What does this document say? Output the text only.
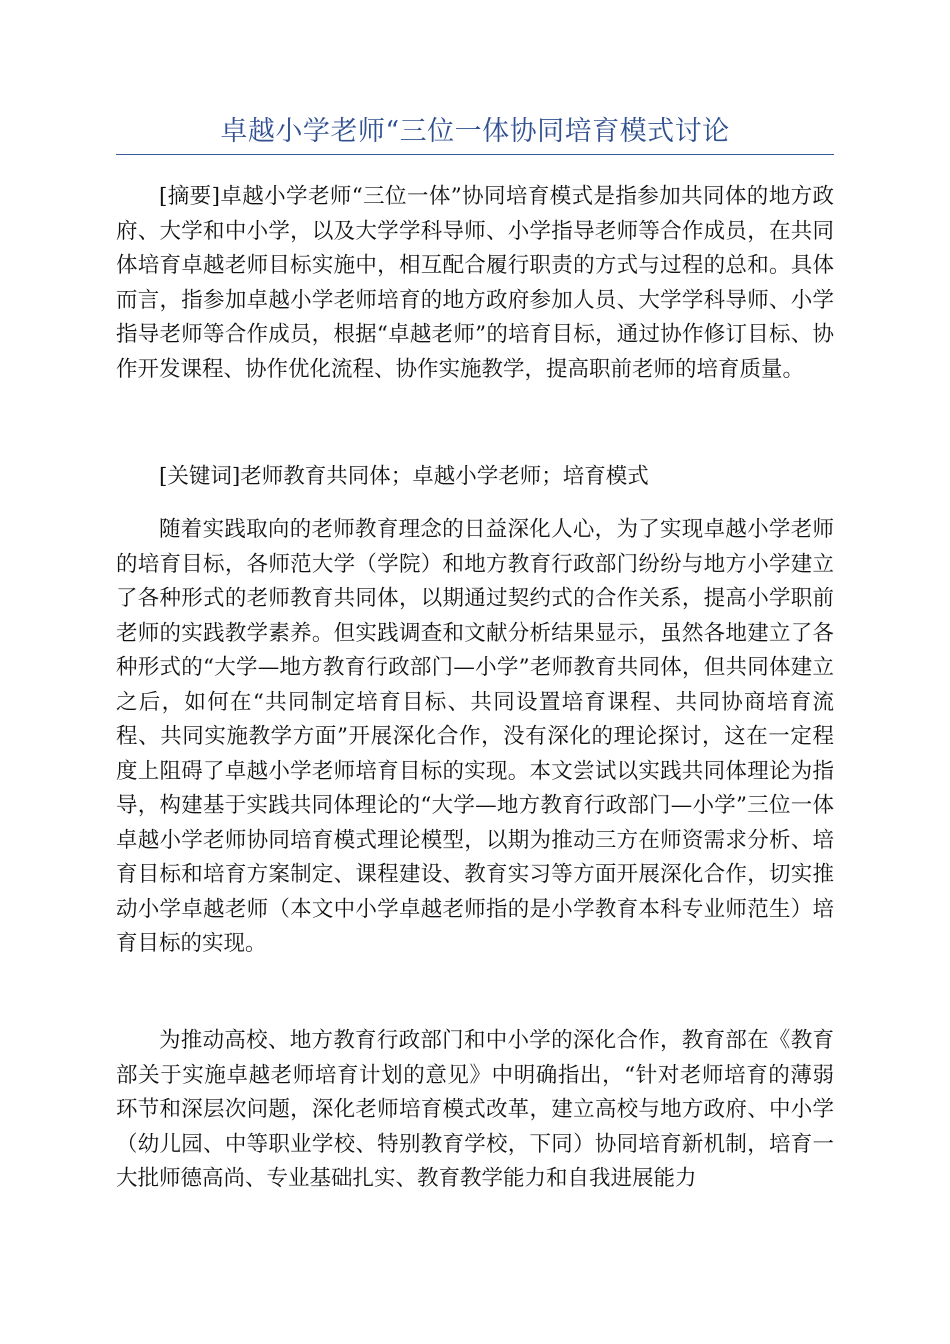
卓越小学老师“三位一体协同培育模式讨论

[摘要]卓越小学老师“三位一体”协同培育模式是指参加共同体的地方政府、大学和中小学，以及大学学科导师、小学指导老师等合作成员，在共同体培育卓越老师目标实施中，相互配合履行职责的方式与过程的总和。具体而言，指参加卓越小学老师培育的地方政府参加人员、大学学科导师、小学指导老师等合作成员，根据“卓越老师”的培育目标，通过协作修订目标、协作开发课程、协作优化流程、协作实施教学，提高职前老师的培育质量。

[关键词]老师教育共同体；卓越小学老师；培育模式

随着实践取向的老师教育理念的日益深化人心，为了实现卓越小学老师的培育目标，各师范大学（学院）和地方教育行政部门纷纷与地方小学建立了各种形式的老师教育共同体，以期通过契约式的合作关系，提高小学职前老师的实践教学素养。但实践调查和文献分析结果显示，虽然各地建立了各种形式的“大学—地方教育行政部门—小学”老师教育共同体，但共同体建立之后，如何在“共同制定培育目标、共同设置培育课程、共同协商培育流程、共同实施教学方面”开展深化合作，没有深化的理论探讨，这在一定程度上阻碍了卓越小学老师培育目标的实现。本文尝试以实践共同体理论为指导，构建基于实践共同体理论的“大学—地方教育行政部门—小学”三位一体卓越小学老师协同培育模式理论模型，以期为推动三方在师资需求分析、培育目标和培育方案制定、课程建设、教育实习等方面开展深化合作，切实推动小学卓越老师（本文中小学卓越老师指的是小学教育本科专业师范生）培育目标的实现。

为推动高校、地方教育行政部门和中小学的深化合作，教育部在《教育部关于实施卓越老师培育计划的意见》中明确指出，“针对老师培育的薄弱环节和深层次问题，深化老师培育模式改革，建立高校与地方政府、中小学（幼儿园、中等职业学校、特别教育学校，下同）协同培育新机制，培育一大批师德高尚、专业基础扎实、教育教学能力和自我进展能力
